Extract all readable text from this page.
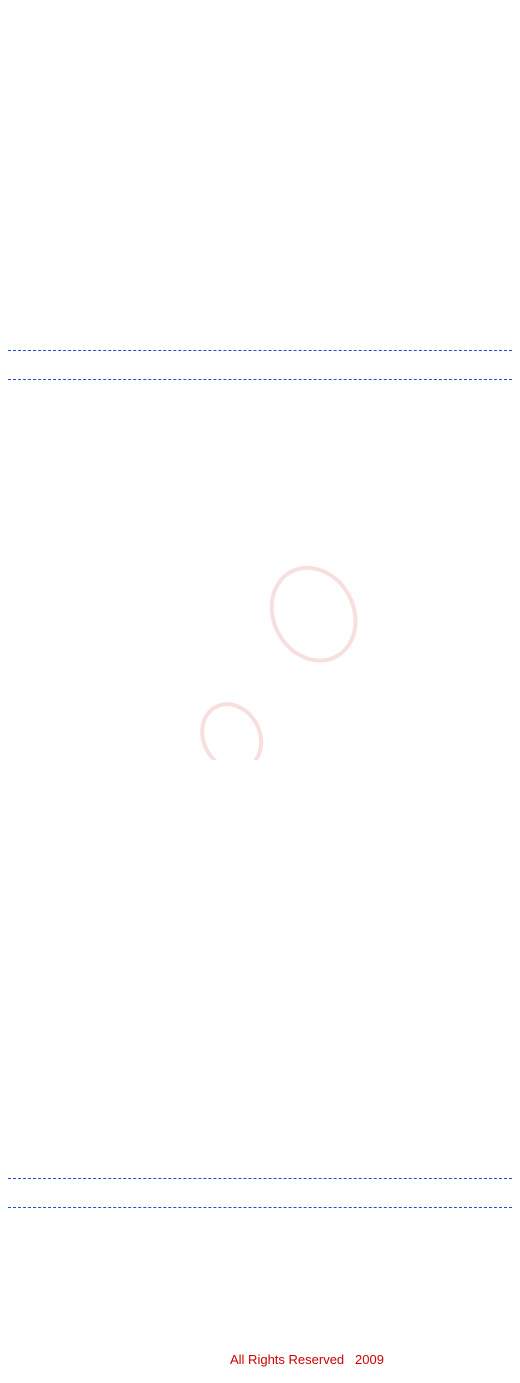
2009
All Rights Reserved
